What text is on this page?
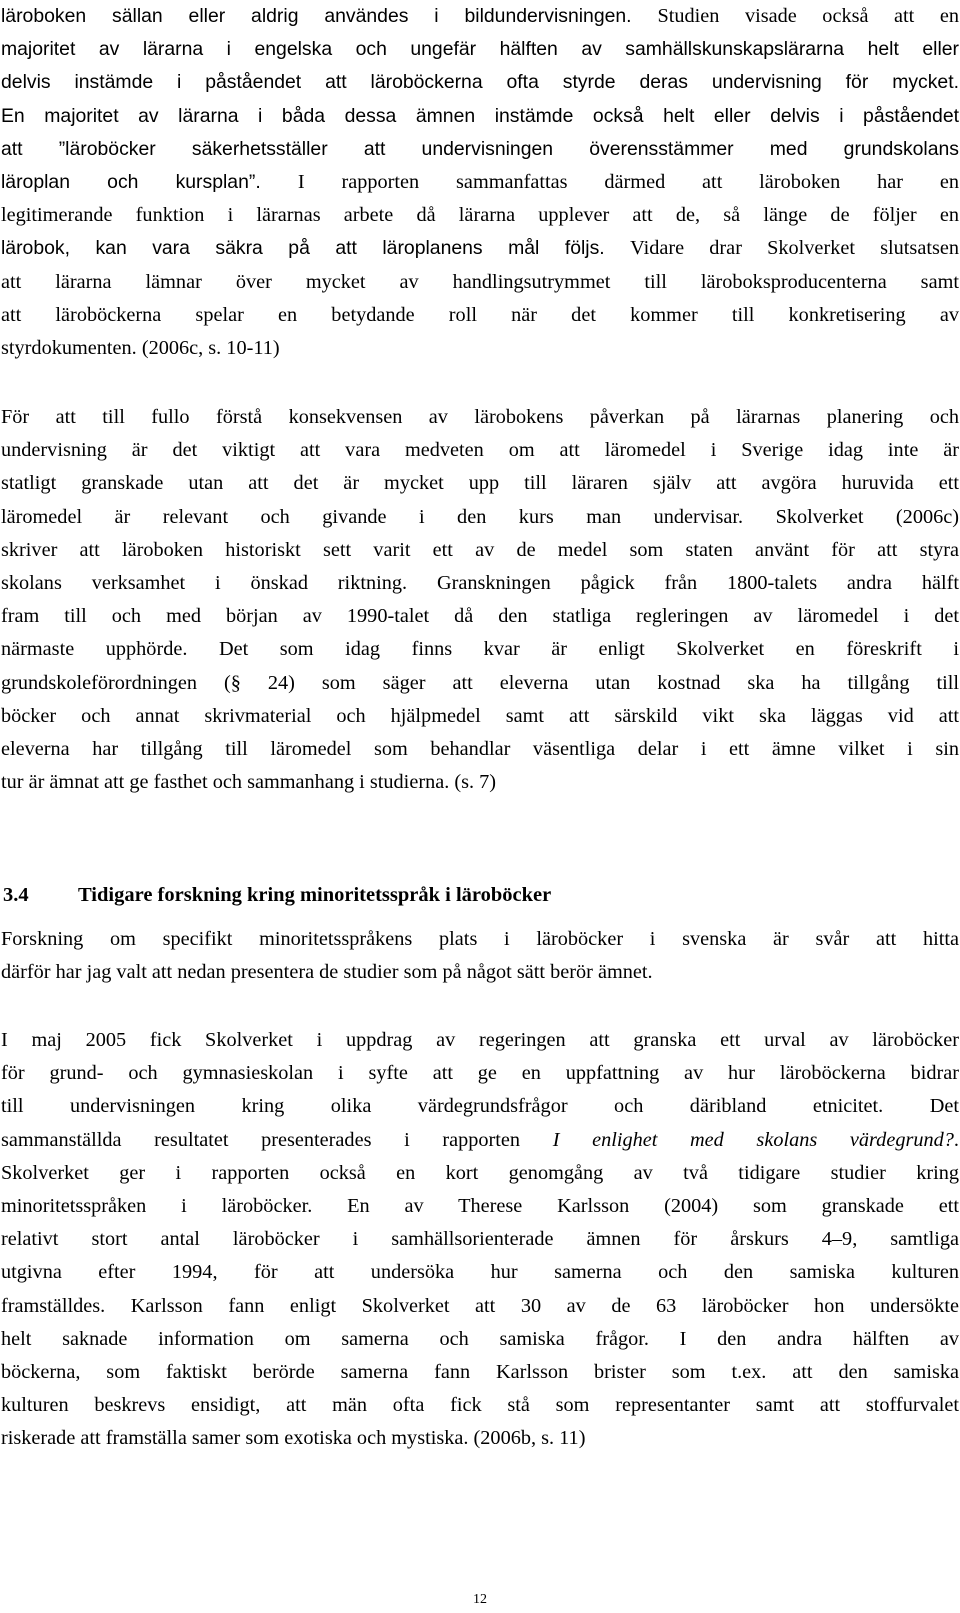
läroboken sällan eller aldrig användes i bildundervisningen. Studien visade också att en
majoritet av lärarna i engelska och ungefär hälften av samhällskunskapslärarna helt eller
delvis instämde i påståendet att läroböckerna ofta styrde deras undervisning för mycket.
En majoritet av lärarna i båda dessa ämnen instämde också helt eller delvis i påståendet
att ”läroböcker säkerhetsställer att undervisningen överensstämmer med grundskolans
läroplan och kursplan”. I rapporten sammanfattas därmed att läroboken har en
legitimerande funktion i lärarnas arbete då lärarna upplever att de, så länge de följer en
lärobok, kan vara säkra på att läroplanens mål följs. Vidare drar Skolverket slutsatsen
att lärarna lämnar över mycket av handlingsutrymmet till läroboksproducenterna samt
att läroböckerna spelar en betydande roll när det kommer till konkretisering av
styrdokumenten. (2006c, s. 10-11)
För att till fullo förstå konsekvensen av lärobokens påverkan på lärarnas planering och
undervisning är det viktigt att vara medveten om att läromedel i Sverige idag inte är
statligt granskade utan att det är mycket upp till läraren själv att avgöra huruvida ett
läromedel är relevant och givande i den kurs man undervisar. Skolverket (2006c)
skriver att läroboken historiskt sett varit ett av de medel som staten använt för att styra
skolans verksamhet i önskad riktning. Granskningen pågick från 1800-talets andra hälft
fram till och med början av 1990-talet då den statliga regleringen av läromedel i det
närmaste upphörde. Det som idag finns kvar är enligt Skolverket en föreskrift i
grundskoleförordningen (§ 24) som säger att eleverna utan kostnad ska ha tillgång till
böcker och annat skrivmaterial och hjälpmedel samt att särskild vikt ska läggas vid att
eleverna har tillgång till läromedel som behandlar väsentliga delar i ett ämne vilket i sin
tur är ämnat att ge fasthet och sammanhang i studierna. (s. 7)
3.4 Tidigare forskning kring minoritetsspråk i läroböcker
Forskning om specifikt minoritetsspråkens plats i läroböcker i svenska är svår att hitta
därför har jag valt att nedan presentera de studier som på något sätt berör ämnet.
I maj 2005 fick Skolverket i uppdrag av regeringen att granska ett urval av läroböcker
för grund- och gymnasieskolan i syfte att ge en uppfattning av hur läroböckerna bidrar
till undervisningen kring olika värdegrundsfrågor och däribland etnicitet. Det
sammanställda resultatet presenterades i rapporten I enlighet med skolans värdegrund?.
Skolverket ger i rapporten också en kort genomgång av två tidigare studier kring
minoritetsspråken i läroböcker. En av Therese Karlsson (2004) som granskade ett
relativt stort antal läroböcker i samhällsorienterade ämnen för årskurs 4–9, samtliga
utgivna efter 1994, för att undersöka hur samerna och den samiska kulturen
framställdes. Karlsson fann enligt Skolverket att 30 av de 63 läroböcker hon undersökte
helt saknade information om samerna och samiska frågor. I den andra hälften av
böckerna, som faktiskt berörde samerna fann Karlsson brister som t.ex. att den samiska
kulturen beskrevs ensidigt, att män ofta fick stå som representanter samt att stoffurvalet
riskerade att framställa samer som exotiska och mystiska. (2006b, s. 11)
12
